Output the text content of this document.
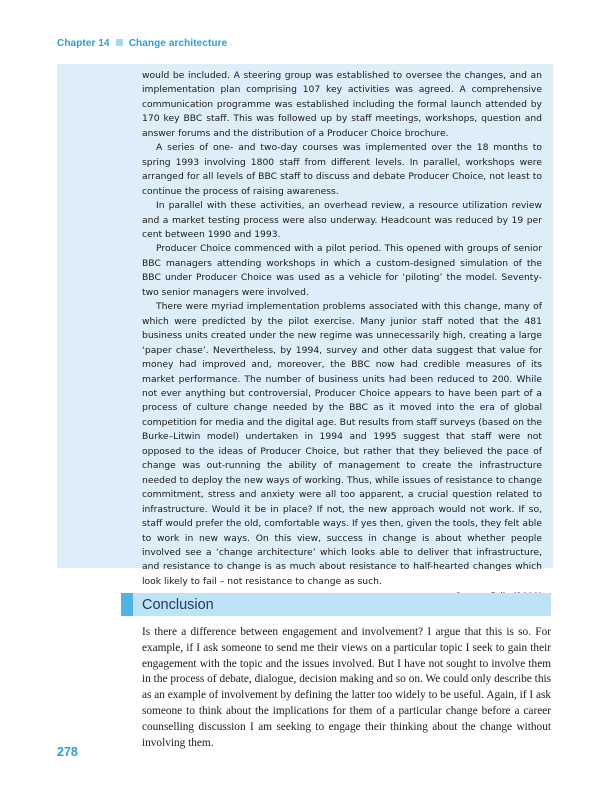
Chapter 14 Change architecture

would be included. A steering group was established to oversee the changes, and an implementation plan comprising 107 key activities was agreed. A comprehensive communication programme was established including the formal launch attended by 170 key BBC staff. This was followed up by staff meetings, workshops, question and answer forums and the distribution of a Producer Choice brochure.

A series of one- and two-day courses was implemented over the 18 months to spring 1993 involving 1800 staff from different levels. In parallel, workshops were arranged for all levels of BBC staff to discuss and debate Producer Choice, not least to continue the process of raising awareness.

In parallel with these activities, an overhead review, a resource utilization review and a market testing process were also underway. Headcount was reduced by 19 per cent between 1990 and 1993.

Producer Choice commenced with a pilot period. This opened with groups of senior BBC managers attending workshops in which a custom-designed simulation of the BBC under Producer Choice was used as a vehicle for ‘piloting’ the model. Seventy-two senior managers were involved.

There were myriad implementation problems associated with this change, many of which were predicted by the pilot exercise. Many junior staff noted that the 481 business units created under the new regime was unnecessarily high, creating a large ‘paper chase’. Nevertheless, by 1994, survey and other data suggest that value for money had improved and, moreover, the BBC now had credible measures of its market performance. The number of business units had been reduced to 200. While not ever anything but controversial, Producer Choice appears to have been part of a process of culture change needed by the BBC as it moved into the era of global competition for media and the digital age. But results from staff surveys (based on the Burke–Litwin model) undertaken in 1994 and 1995 suggest that staff were not opposed to the ideas of Producer Choice, but rather that they believed the pace of change was out-running the ability of management to create the infrastructure needed to deploy the new ways of working. Thus, while issues of resistance to change commitment, stress and anxiety were all too apparent, a crucial question related to infrastructure. Would it be in place? If not, the new approach would not work. If so, staff would prefer the old, comfortable ways. If yes then, given the tools, they felt able to work in new ways. On this view, success in change is about whether people involved see a ‘change architecture’ which looks able to deliver that infrastructure, and resistance to change is as much about resistance to half-hearted changes which look likely to fail – not resistance to change as such.

Conclusion

Is there a difference between engagement and involvement? I argue that this is so. For example, if I ask someone to send me their views on a particular topic I seek to gain their engagement with the topic and the issues involved. But I have not sought to involve them in the process of debate, dialogue, decision making and so on. We could only describe this as an example of involvement by defining the latter too widely to be useful. Again, if I ask someone to think about the implications for them of a particular change before a career counselling discussion I am seeking to engage their thinking about the change without involving them.

278
